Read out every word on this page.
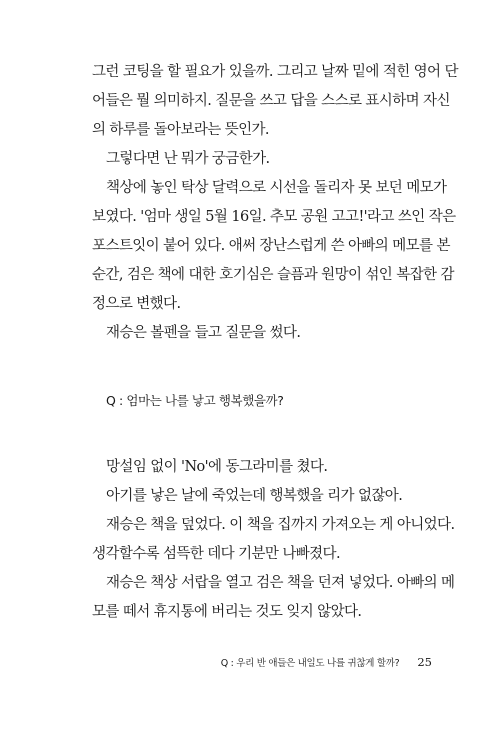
그런 코팅을 할 필요가 있을까. 그리고 날짜 밑에 적힌 영어 단
어들은 뭘 의미하지. 질문을 쓰고 답을 스스로 표시하며 자신
의 하루를 돌아보라는 뜻인가.
그렇다면 난 뭐가 궁금한가.
책상에 놓인 탁상 달력으로 시선을 돌리자 못 보던 메모가
보였다. '엄마 생일 5월 16일. 추모 공원 고고!'라고 쓰인 작은
포스트잇이 붙어 있다. 애써 장난스럽게 쓴 아빠의 메모를 본
순간, 검은 책에 대한 호기심은 슬픔과 원망이 섞인 복잡한 감
정으로 변했다.
재승은 볼펜을 들고 질문을 썼다.
Q : 엄마는 나를 낳고 행복했을까?
망설임 없이 'No'에 동그라미를 쳤다.
아기를 낳은 날에 죽었는데 행복했을 리가 없잖아.
재승은 책을 덮었다. 이 책을 집까지 가져오는 게 아니었다.
생각할수록 섬뜩한 데다 기분만 나빠졌다.
재승은 책상 서랍을 열고 검은 책을 던져 넣었다. 아빠의 메
모를 떼서 휴지통에 버리는 것도 잊지 않았다.
Q : 우리 반 애들은 내일도 나를 귀찮게 할까? 25
